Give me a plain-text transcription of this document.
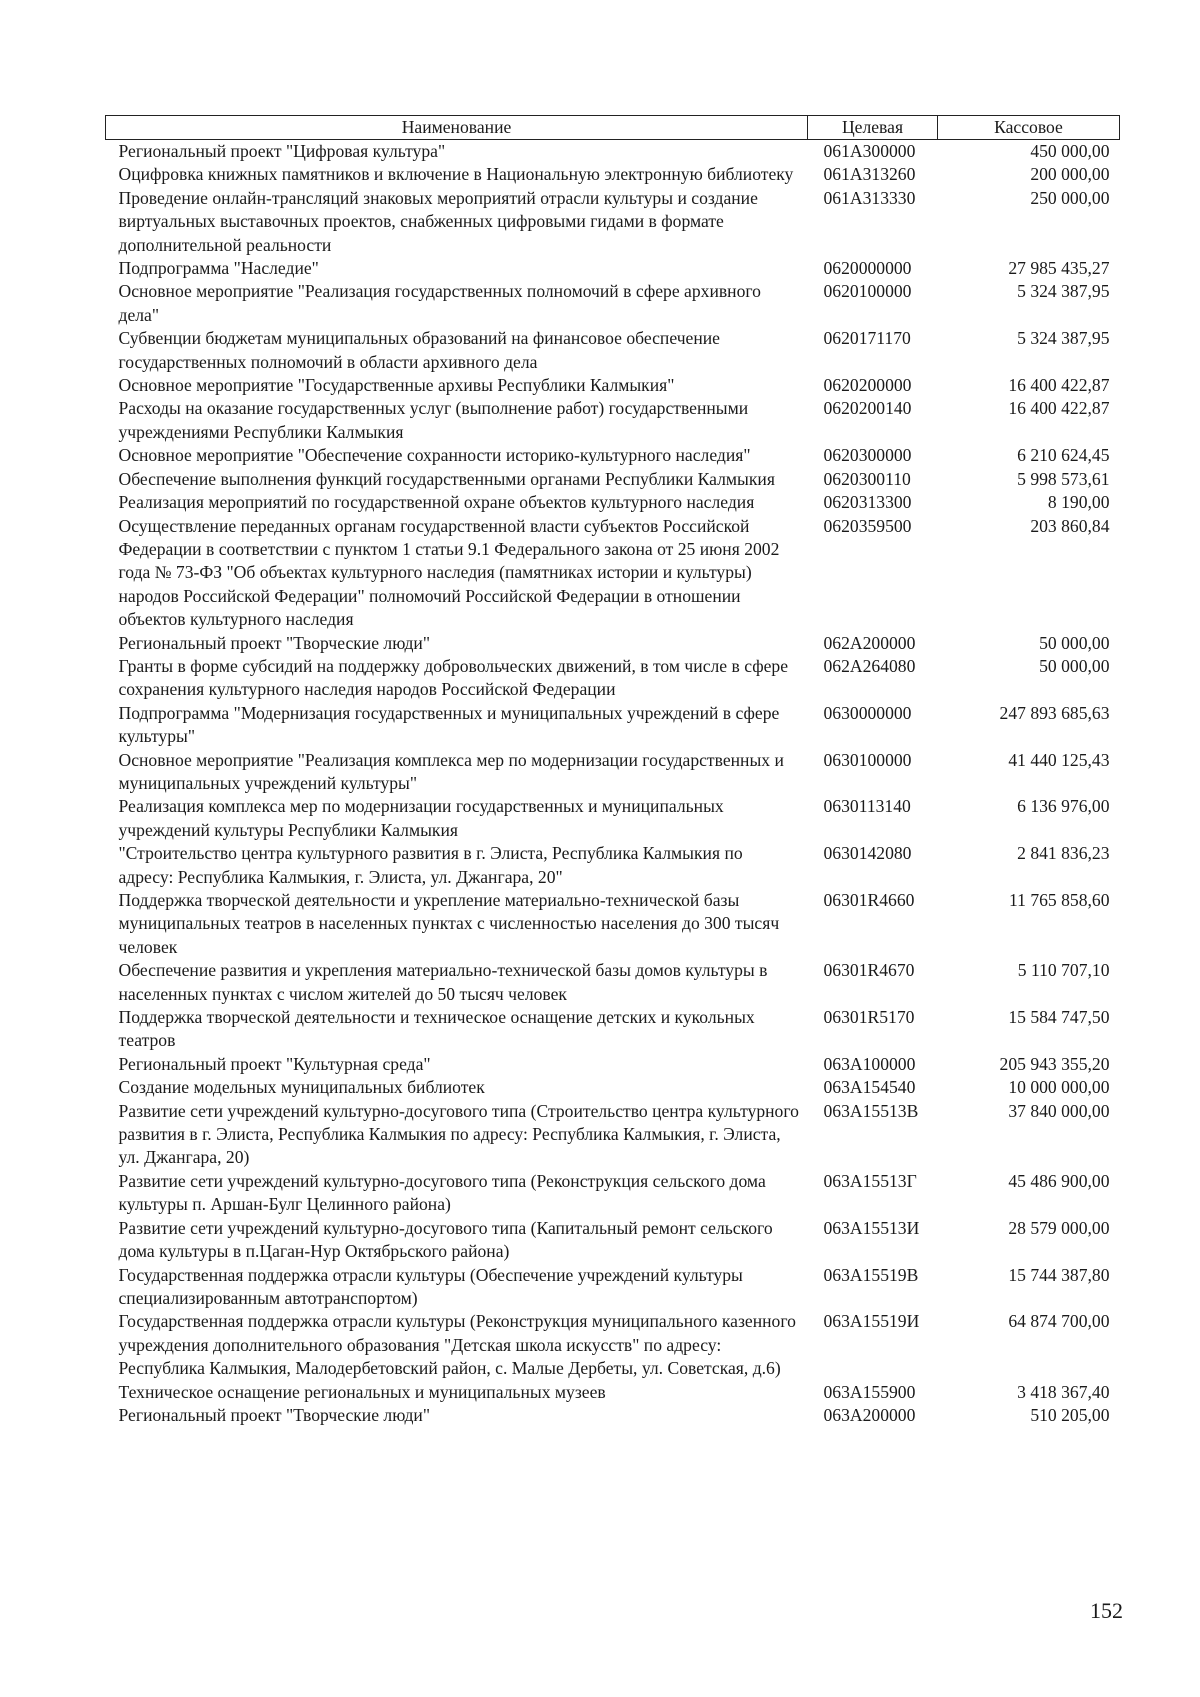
Наименование	Целевая	Кассовое
Региональный проект "Цифровая культура"	061A300000	450 000,00
Оцифровка книжных памятников и включение в Национальную электронную библиотеку	061A313260	200 000,00
Проведение онлайн-трансляций знаковых мероприятий отрасли культуры и создание виртуальных выставочных проектов, снабженных цифровыми гидами в формате дополнительной реальности	061A313330	250 000,00
Подпрограмма "Наследие"	0620000000	27 985 435,27
Основное мероприятие "Реализация государственных полномочий в сфере архивного дела"	0620100000	5 324 387,95
Субвенции бюджетам муниципальных образований на финансовое обеспечение государственных полномочий в области архивного дела	0620171170	5 324 387,95
Основное мероприятие "Государственные архивы Республики Калмыкия"	0620200000	16 400 422,87
Расходы на оказание государственных услуг (выполнение работ) государственными учреждениями Республики Калмыкия	0620200140	16 400 422,87
Основное мероприятие "Обеспечение сохранности историко-культурного наследия"	0620300000	6 210 624,45
Обеспечение выполнения функций государственными органами Республики Калмыкия	0620300110	5 998 573,61
Реализация мероприятий по государственной охране объектов культурного наследия	0620313300	8 190,00
Осуществление переданных органам государственной власти субъектов Российской Федерации в соответствии с пунктом 1 статьи 9.1 Федерального закона от 25 июня 2002 года № 73-ФЗ "Об объектах культурного наследия (памятниках истории и культуры) народов Российской Федерации" полномочий Российской Федерации в отношении объектов культурного наследия	0620359500	203 860,84
Региональный проект "Творческие люди"	062A200000	50 000,00
Гранты в форме субсидий на поддержку добровольческих движений, в том числе в сфере сохранения культурного наследия народов Российской Федерации	062A264080	50 000,00
Подпрограмма "Модернизация государственных и муниципальных учреждений в сфере культуры"	0630000000	247 893 685,63
Основное мероприятие "Реализация комплекса мер по модернизации государственных и муниципальных учреждений культуры"	0630100000	41 440 125,43
Реализация комплекса мер по модернизации государственных и муниципальных учреждений культуры Республики Калмыкия	0630113140	6 136 976,00
"Строительство центра культурного развития в г. Элиста, Республика Калмыкия по адресу: Республика Калмыкия, г. Элиста, ул. Джангара, 20"	0630142080	2 841 836,23
Поддержка творческой деятельности и укрепление материально-технической базы муниципальных театров в населенных пунктах с численностью населения до 300 тысяч человек	06301R4660	11 765 858,60
Обеспечение развития и укрепления материально-технической базы домов культуры в населенных пунктах с числом жителей до 50 тысяч человек	06301R4670	5 110 707,10
Поддержка творческой деятельности и техническое оснащение детских и кукольных театров	06301R5170	15 584 747,50
Региональный проект "Культурная среда"	063A100000	205 943 355,20
Создание модельных муниципальных библиотек	063A154540	10 000 000,00
Развитие сети учреждений культурно-досугового типа (Строительство центра культурного развития в г. Элиста, Республика Калмыкия по адресу: Республика Калмыкия, г. Элиста, ул. Джангара, 20)	063A15513B	37 840 000,00
Развитие сети учреждений культурно-досугового типа (Реконструкция сельского дома культуры п. Аршан-Булг Целинного района)	063A15513Г	45 486 900,00
Развитие сети учреждений культурно-досугового типа (Капитальный ремонт сельского дома культуры в п.Цаган-Нур Октябрьского района)	063A15513И	28 579 000,00
Государственная поддержка отрасли культуры (Обеспечение учреждений культуры специализированным автотранспортом)	063A15519B	15 744 387,80
Государственная поддержка отрасли культуры (Реконструкция муниципального казенного учреждения дополнительного образования "Детская школа искусств" по адресу: Республика Калмыкия, Малодербетовский район, с. Малые Дербеты, ул. Советская, д.6)	063A15519И	64 874 700,00
Техническое оснащение региональных и муниципальных музеев	063A155900	3 418 367,40
Региональный проект "Творческие люди"	063A200000	510 205,00
152
